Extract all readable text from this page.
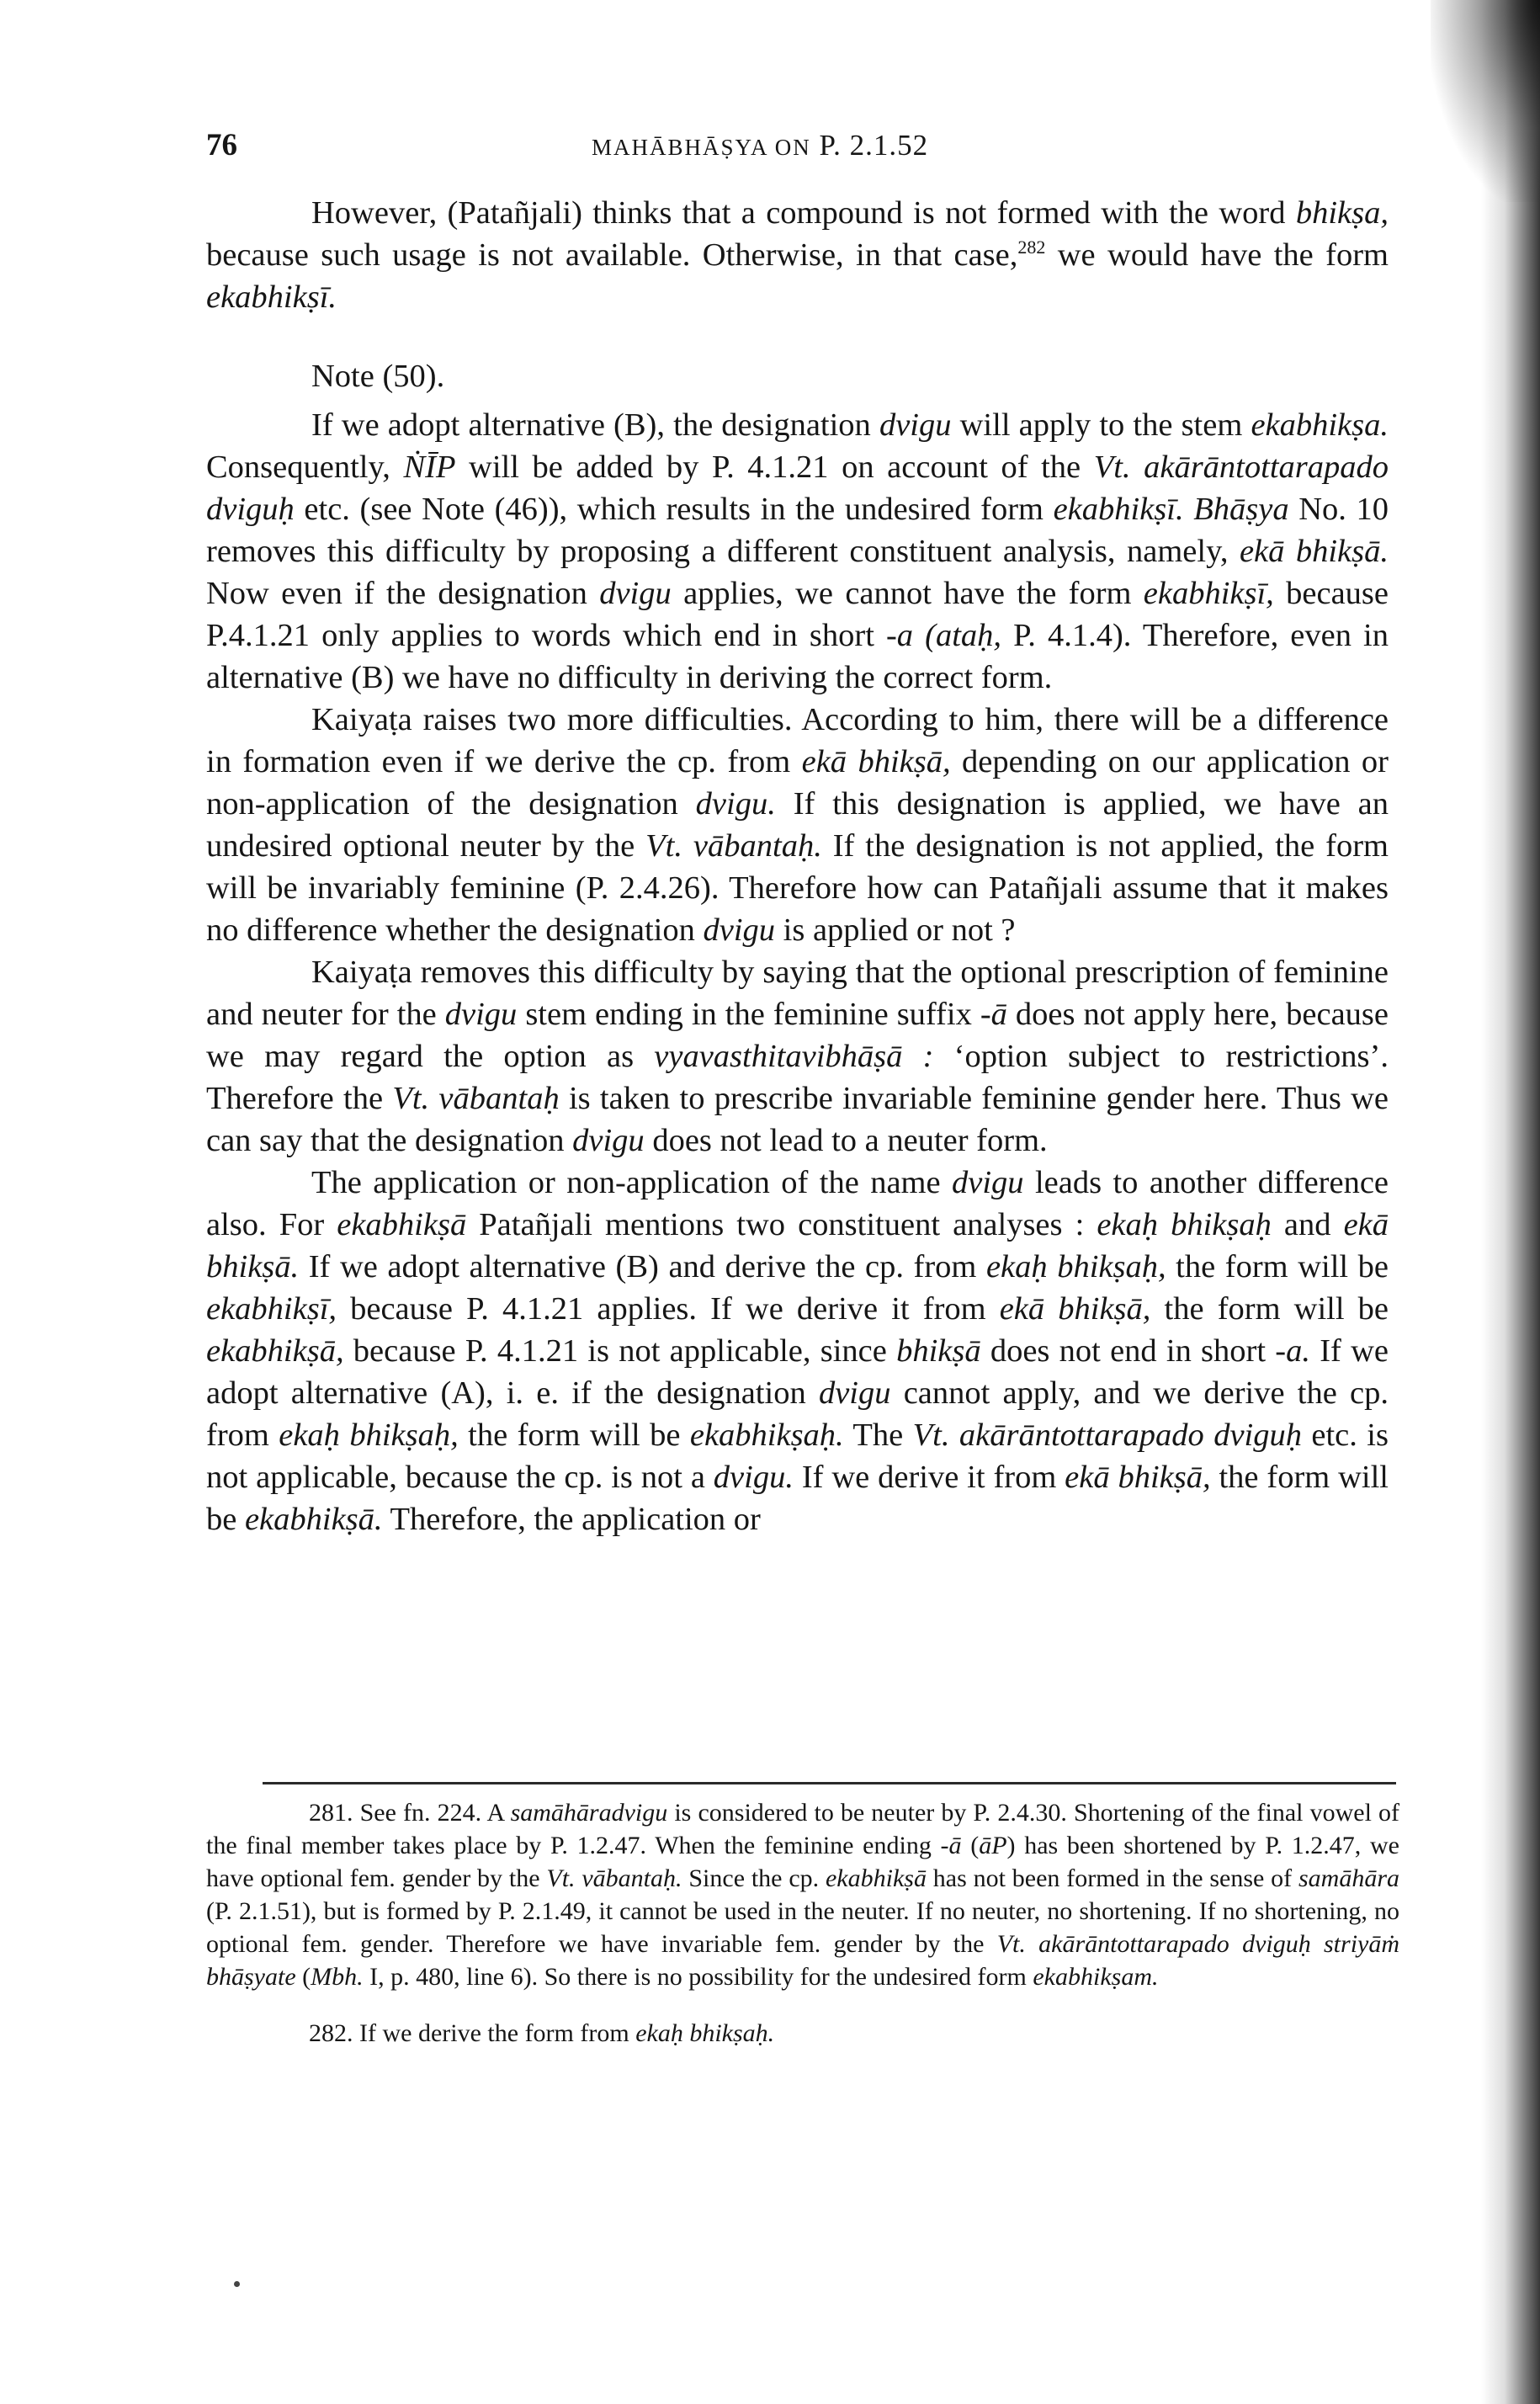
76	MAHĀBHĀṢYA ON P. 2.1.52

However, (Patañjali) thinks that a compound is not formed with the word bhikṣa, because such usage is not available. Otherwise, in that case,$^{282}$ we would have the form ekabhikṣī.

Note (50).

If we adopt alternative (B), the designation dvigu will apply to the stem ekabhikṣa. Consequently, ṄĪP will be added by P. 4.1.21 on account of the Vt. akārāntottarapado dviguḥ etc. (see Note (46)), which results in the undesired form ekabhikṣī. Bhāṣya No. 10 removes this difficulty by proposing a different constituent analysis, namely, ekā bhikṣā. Now even if the designation dvigu applies, we cannot have the form ekabhikṣī, because P.4.1.21 only applies to words which end in short -a (ataḥ, P. 4.1.4). Therefore, even in alternative (B) we have no difficulty in deriving the correct form.

Kaiyaṭa raises two more difficulties. According to him, there will be a difference in formation even if we derive the cp. from ekā bhikṣā, depending on our application or non-application of the designation dvigu. If this designation is applied, we have an undesired optional neuter by the Vt. vābantaḥ. If the designation is not applied, the form will be invariably feminine (P. 2.4.26). Therefore how can Patañjali assume that it makes no difference whether the designation dvigu is applied or not ?

Kaiyaṭa removes this difficulty by saying that the optional prescription of feminine and neuter for the dvigu stem ending in the feminine suffix -ā does not apply here, because we may regard the option as vyavasthitavibhāṣā : ‘option subject to restrictions’. Therefore the Vt. vābantaḥ is taken to prescribe invariable feminine gender here. Thus we can say that the designation dvigu does not lead to a neuter form.

The application or non-application of the name dvigu leads to another difference also. For ekabhikṣā Patañjali mentions two constituent analyses : ekaḥ bhikṣaḥ and ekā bhikṣā. If we adopt alternative (B) and derive the cp. from ekaḥ bhikṣaḥ, the form will be ekabhikṣī, because P. 4.1.21 applies. If we derive it from ekā bhikṣā, the form will be ekabhikṣā, because P. 4.1.21 is not applicable, since bhikṣā does not end in short -a. If we adopt alternative (A), i. e. if the designation dvigu cannot apply, and we derive the cp. from ekaḥ bhikṣaḥ, the form will be ekabhikṣaḥ. The Vt. akārāntottarapado dviguḥ etc. is not applicable, because the cp. is not a dvigu. If we derive it from ekā bhikṣā, the form will be ekabhikṣā. Therefore, the application or

281. See fn. 224. A samāhāradvigu is considered to be neuter by P. 2.4.30. Shortening of the final vowel of the final member takes place by P. 1.2.47. When the feminine ending -ā (āP) has been shortened by P. 1.2.47, we have optional fem. gender by the Vt. vābantaḥ. Since the cp. ekabhikṣā has not been formed in the sense of samāhāra (P. 2.1.51), but is formed by P. 2.1.49, it cannot be used in the neuter. If no neuter, no shortening. If no shortening, no optional fem. gender. Therefore we have invariable fem. gender by the Vt. akārāntottarapado dviguḥ striyāṁ bhāṣyate (Mbh. I, p. 480, line 6). So there is no possibility for the undesired form ekabhikṣam.

282. If we derive the form from ekaḥ bhikṣaḥ.
